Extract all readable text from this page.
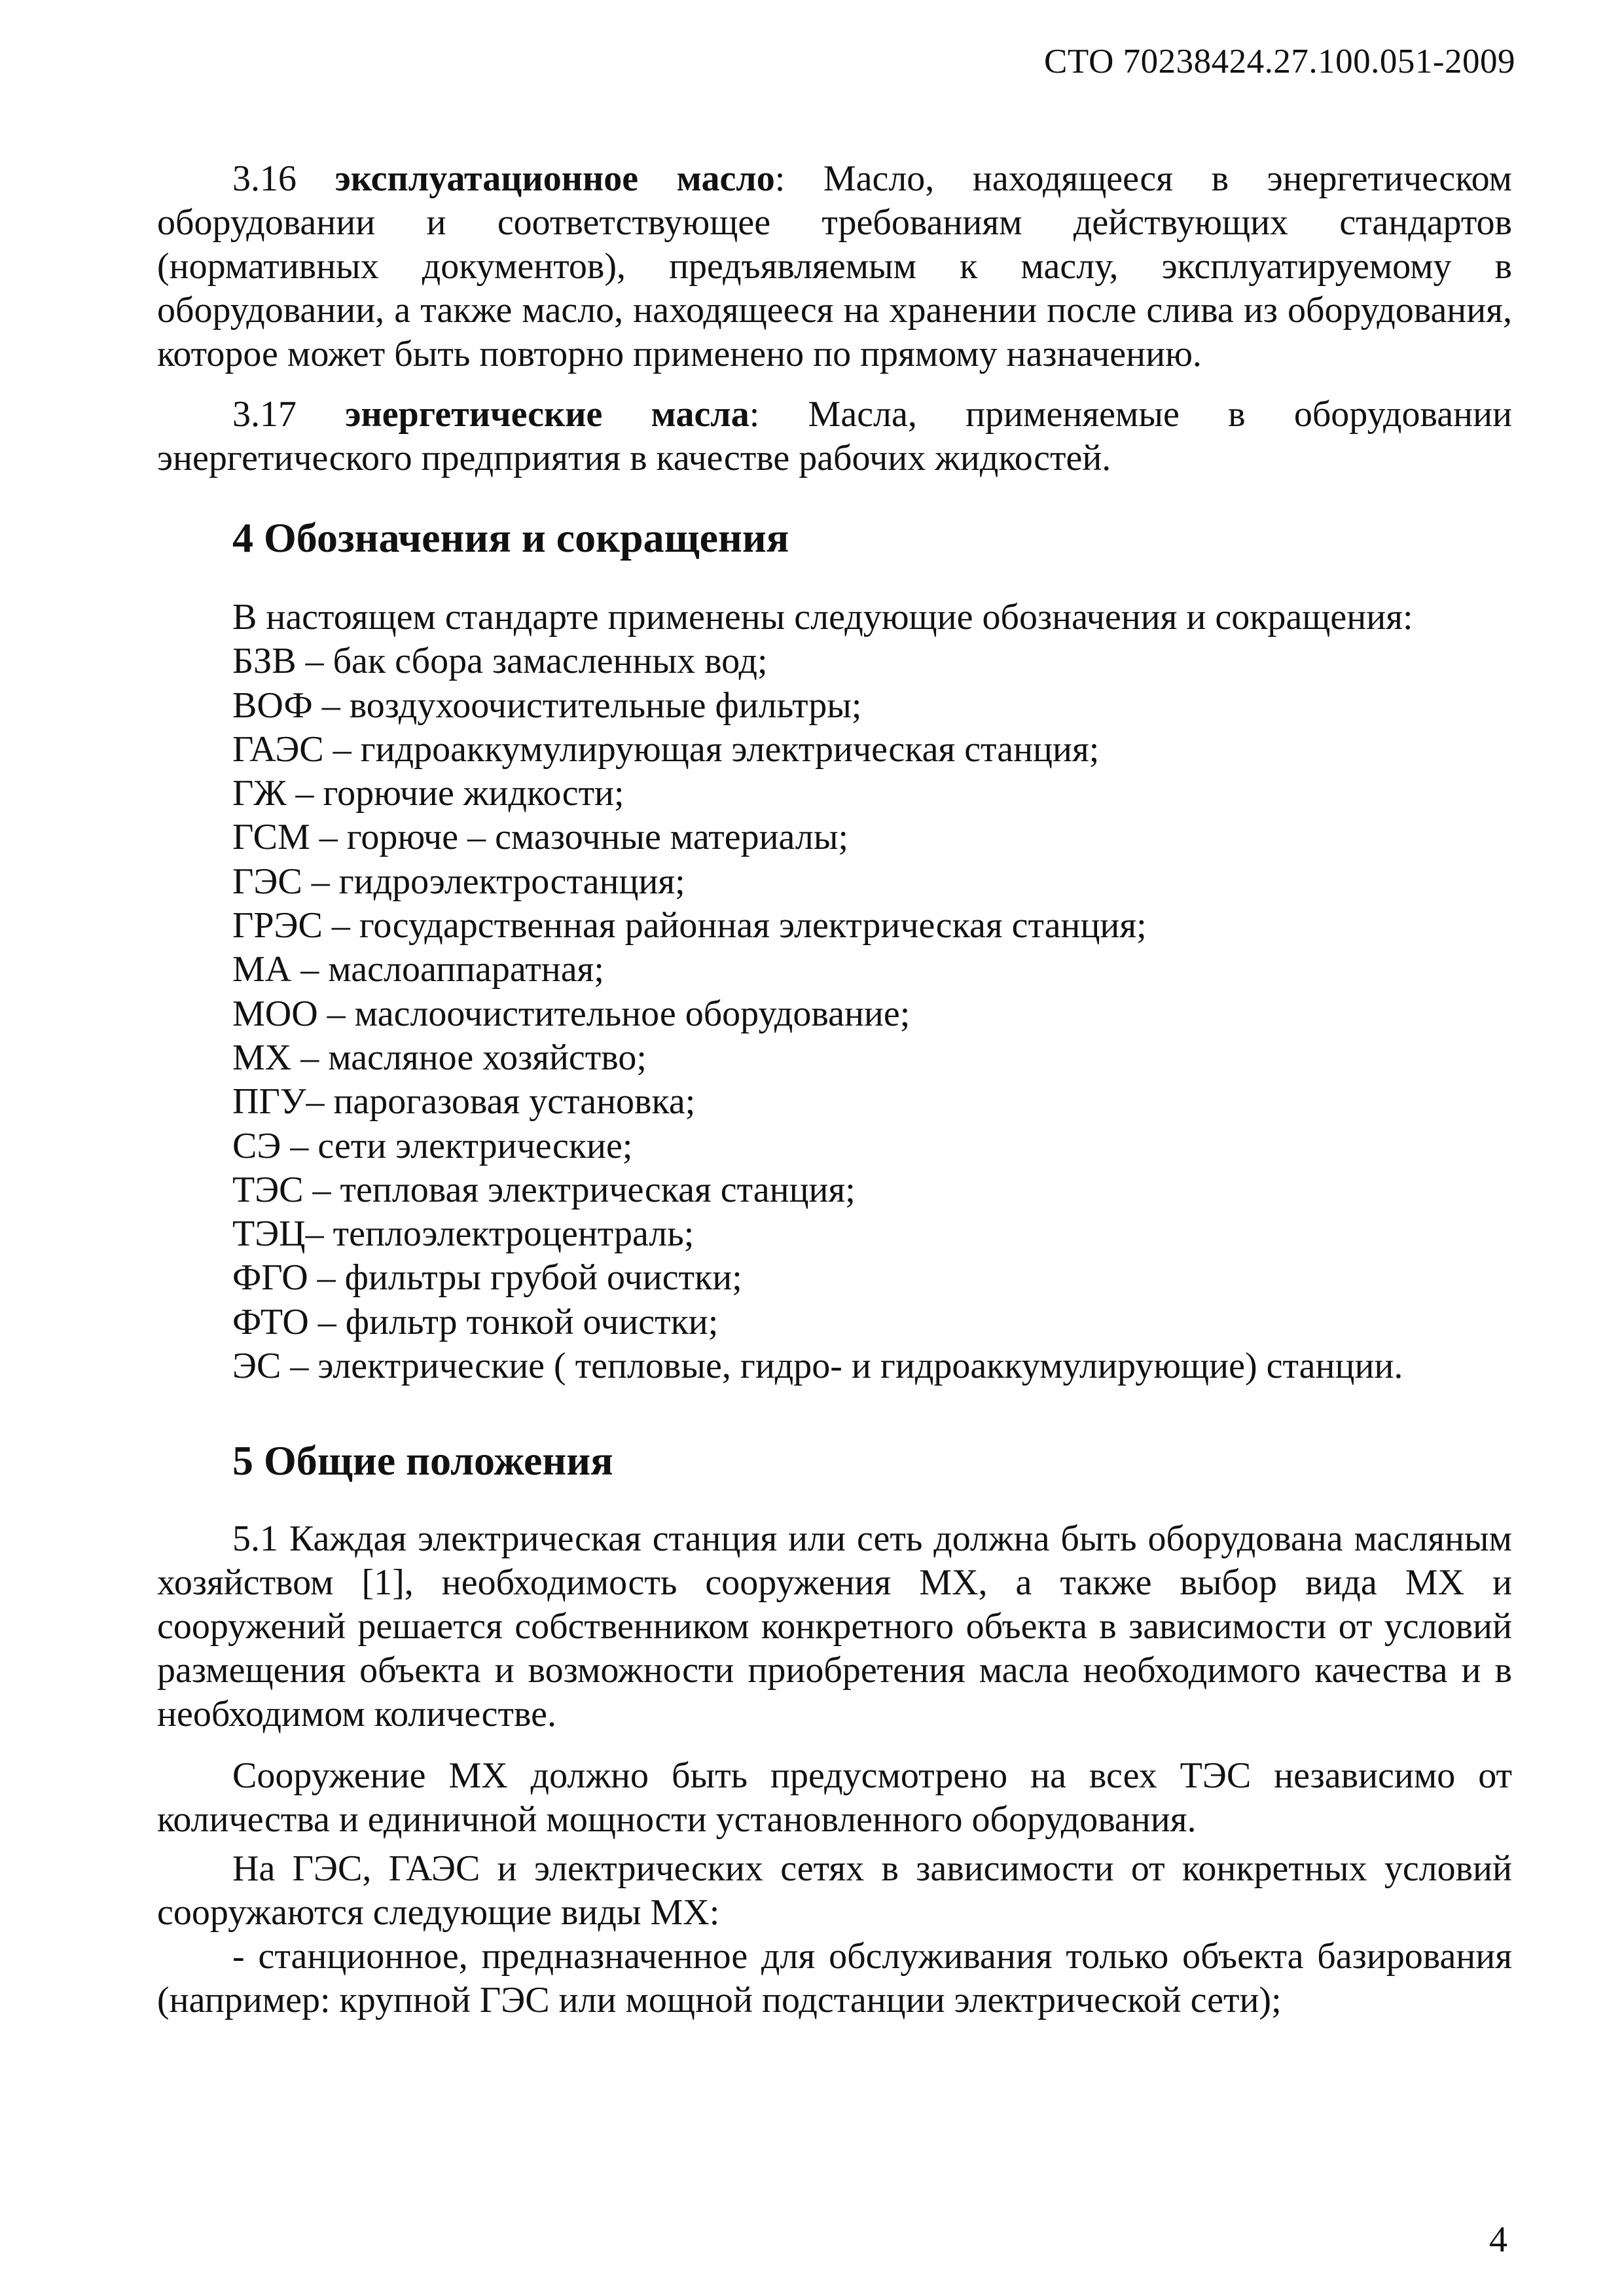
СТО 70238424.27.100.051-2009
3.16 эксплуатационное масло: Масло, находящееся в энергетическом оборудовании и соответствующее требованиям действующих стандартов (нормативных документов), предъявляемым к маслу, эксплуатируемому в оборудовании, а также масло, находящееся на хранении после слива из оборудования, которое может быть повторно применено по прямому назначению.
3.17 энергетические масла: Масла, применяемые в оборудовании энергетического предприятия в качестве рабочих жидкостей.
4 Обозначения и сокращения
В настоящем стандарте применены следующие обозначения и сокращения:
БЗВ – бак сбора замасленных вод;
ВОФ – воздухоочистительные фильтры;
ГАЭС – гидроаккумулирующая электрическая станция;
ГЖ – горючие жидкости;
ГСМ – горюче – смазочные материалы;
ГЭС – гидроэлектростанция;
ГРЭС – государственная районная электрическая станция;
МА – маслоаппаратная;
МОО – маслоочистительное оборудование;
МХ – масляное хозяйство;
ПГУ– парогазовая установка;
СЭ – сети электрические;
ТЭС – тепловая электрическая станция;
ТЭЦ– теплоэлектроцентраль;
ФГО – фильтры грубой очистки;
ФТО – фильтр тонкой очистки;
ЭС – электрические ( тепловые, гидро- и гидроаккумулирующие) станции.
5 Общие положения
5.1 Каждая электрическая станция или сеть должна быть оборудована масляным хозяйством [1], необходимость сооружения МХ, а также выбор вида МХ и сооружений решается собственником конкретного объекта в зависимости от условий размещения объекта и возможности приобретения масла необходимого качества и в необходимом количестве.
Сооружение МХ должно быть предусмотрено на всех ТЭС независимо от количества и единичной мощности установленного оборудования.
На ГЭС, ГАЭС и электрических сетях в зависимости от конкретных условий сооружаются следующие виды МХ:
- станционное, предназначенное для обслуживания только объекта базирования (например: крупной ГЭС или мощной подстанции электрической сети);
4
